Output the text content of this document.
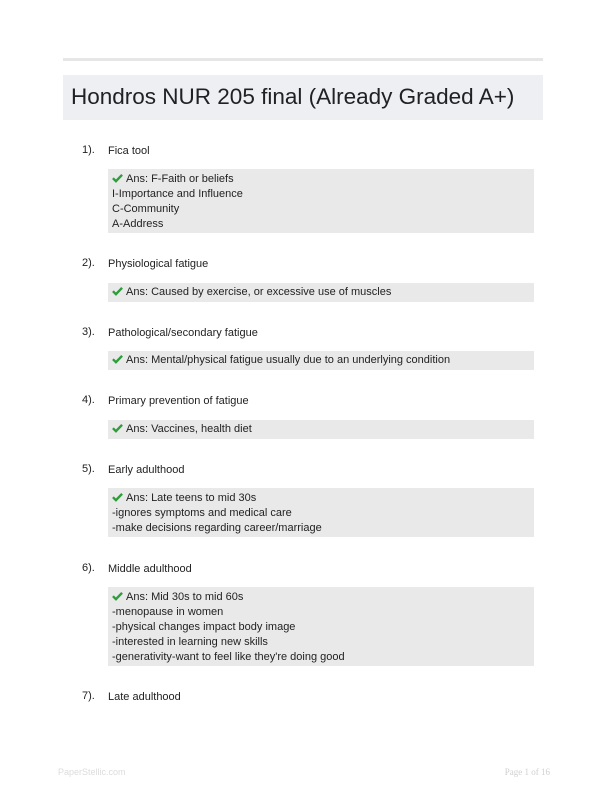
Hondros NUR 205 final (Already Graded A+)
1). Fica tool
Ans: F-Faith or beliefs
I-Importance and Influence
C-Community
A-Address
2). Physiological fatigue
Ans: Caused by exercise, or excessive use of muscles
3). Pathological/secondary fatigue
Ans: Mental/physical fatigue usually due to an underlying condition
4). Primary prevention of fatigue
Ans: Vaccines, health diet
5). Early adulthood
Ans: Late teens to mid 30s
-ignores symptoms and medical care
-make decisions regarding career/marriage
6). Middle adulthood
Ans: Mid 30s to mid 60s
-menopause in women
-physical changes impact body image
-interested in learning new skills
-generativity-want to feel like they're doing good
7). Late adulthood
PaperStellic.com	Page 1 of 16
